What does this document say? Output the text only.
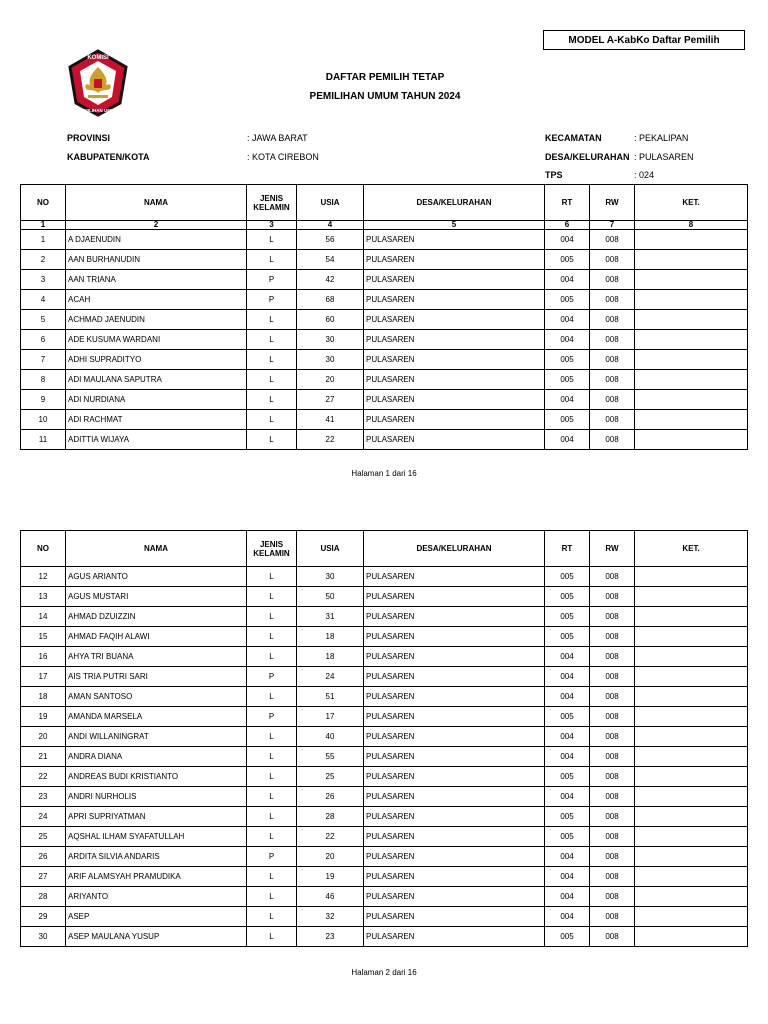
MODEL A-KabKo Daftar Pemilih
KOMISI
PEMILIHAN UMUM
DAFTAR PEMILIH TETAP
PEMILIHAN UMUM TAHUN 2024
PROVINSI	: JAWA BARAT
KABUPATEN/KOTA	: KOTA CIREBON
KECAMATAN	: PEKALIPAN
DESA/KELURAHAN : PULASAREN
TPS	: 024
NO	NAMA	JENIS
KELAMIN	USIA	DESA/KELURAHAN	RT	RW	KET.
1	2	3	4	5	6	7	8
1	A DJAENUDIN	L	56	PULASAREN	004	008	
2	AAN BURHANUDIN	L	54	PULASAREN	005	008	
3	AAN TRIANA	P	42	PULASAREN	004	008	
4	ACAH	P	68	PULASAREN	005	008	
5	ACHMAD JAENUDIN	L	60	PULASAREN	004	008	
6	ADE KUSUMA WARDANI	L	30	PULASAREN	004	008	
7	ADHI SUPRADITYO	L	30	PULASAREN	005	008	
8	ADI MAULANA SAPUTRA	L	20	PULASAREN	005	008	
9	ADI NURDIANA	L	27	PULASAREN	004	008	
10	ADI RACHMAT	L	41	PULASAREN	005	008	
11	ADITTIA WIJAYA	L	22	PULASAREN	004	008	
Halaman 1 dari 16
NO	NAMA	JENIS
KELAMIN	USIA	DESA/KELURAHAN	RT	RW	KET.
12	AGUS ARIANTO	L	30	PULASAREN	005	008	
13	AGUS MUSTARI	L	50	PULASAREN	005	008	
14	AHMAD DZUIZZIN	L	31	PULASAREN	005	008	
15	AHMAD FAQIH ALAWI	L	18	PULASAREN	005	008	
16	AHYA TRI BUANA	L	18	PULASAREN	004	008	
17	AIS TRIA PUTRI SARI	P	24	PULASAREN	004	008	
18	AMAN SANTOSO	L	51	PULASAREN	004	008	
19	AMANDA MARSELA	P	17	PULASAREN	005	008	
20	ANDI WILLANINGRAT	L	40	PULASAREN	004	008	
21	ANDRA DIANA	L	55	PULASAREN	004	008	
22	ANDREAS BUDI KRISTIANTO	L	25	PULASAREN	005	008	
23	ANDRI NURHOLIS	L	26	PULASAREN	004	008	
24	APRI SUPRIYATMAN	L	28	PULASAREN	005	008	
25	AQSHAL ILHAM SYAFATULLAH	L	22	PULASAREN	005	008	
26	ARDITA SILVIA ANDARIS	P	20	PULASAREN	004	008	
27	ARIF ALAMSYAH PRAMUDIKA	L	19	PULASAREN	004	008	
28	ARIYANTO	L	46	PULASAREN	004	008	
29	ASEP	L	32	PULASAREN	004	008	
30	ASEP MAULANA YUSUP	L	23	PULASAREN	005	008	
Halaman 2 dari 16
